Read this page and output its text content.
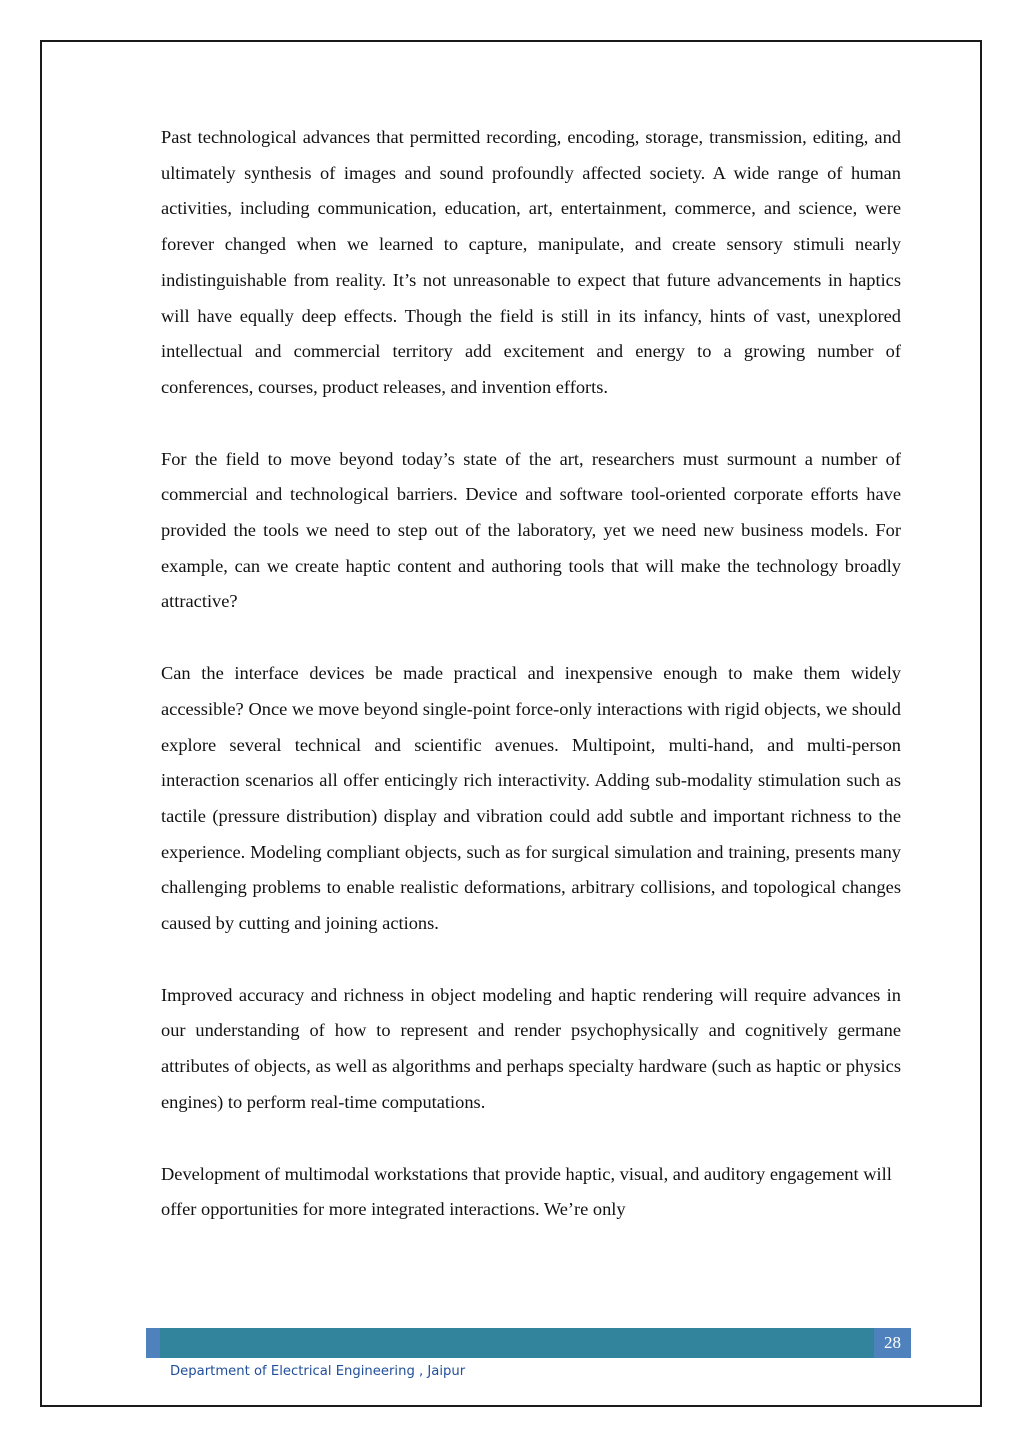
Past technological advances that permitted recording, encoding, storage, transmission, editing, and ultimately synthesis of images and sound profoundly affected society. A wide range of human activities, including communication, education, art, entertainment, commerce, and science, were forever changed when we learned to capture, manipulate, and create sensory stimuli nearly indistinguishable from reality. It’s not unreasonable to expect that future advancements in haptics will have equally deep effects. Though the field is still in its infancy, hints of vast, unexplored intellectual and commercial territory add excitement and energy to a growing number of conferences, courses, product releases, and invention efforts.

For the field to move beyond today’s state of the art, researchers must surmount a number of commercial and technological barriers. Device and software tool-oriented corporate efforts have provided the tools we need to step out of the laboratory, yet we need new business models. For example, can we create haptic content and authoring tools that will make the technology broadly attractive?

Can the interface devices be made practical and inexpensive enough to make them widely accessible? Once we move beyond single-point force-only interactions with rigid objects, we should explore several technical and scientific avenues. Multipoint, multi-hand, and multi-person interaction scenarios all offer enticingly rich interactivity. Adding sub-modality stimulation such as tactile (pressure distribution) display and vibration could add subtle and important richness to the experience. Modeling compliant objects, such as for surgical simulation and training, presents many challenging problems to enable realistic deformations, arbitrary collisions, and topological changes caused by cutting and joining actions.

Improved accuracy and richness in object modeling and haptic rendering will require advances in our understanding of how to represent and render psychophysically and cognitively germane attributes of objects, as well as algorithms and perhaps specialty hardware (such as haptic or physics engines) to perform real-time computations.

Development of multimodal workstations that provide haptic, visual, and auditory engagement will offer opportunities for more integrated interactions. We’re only

28
Department of Electrical Engineering , Jaipur
